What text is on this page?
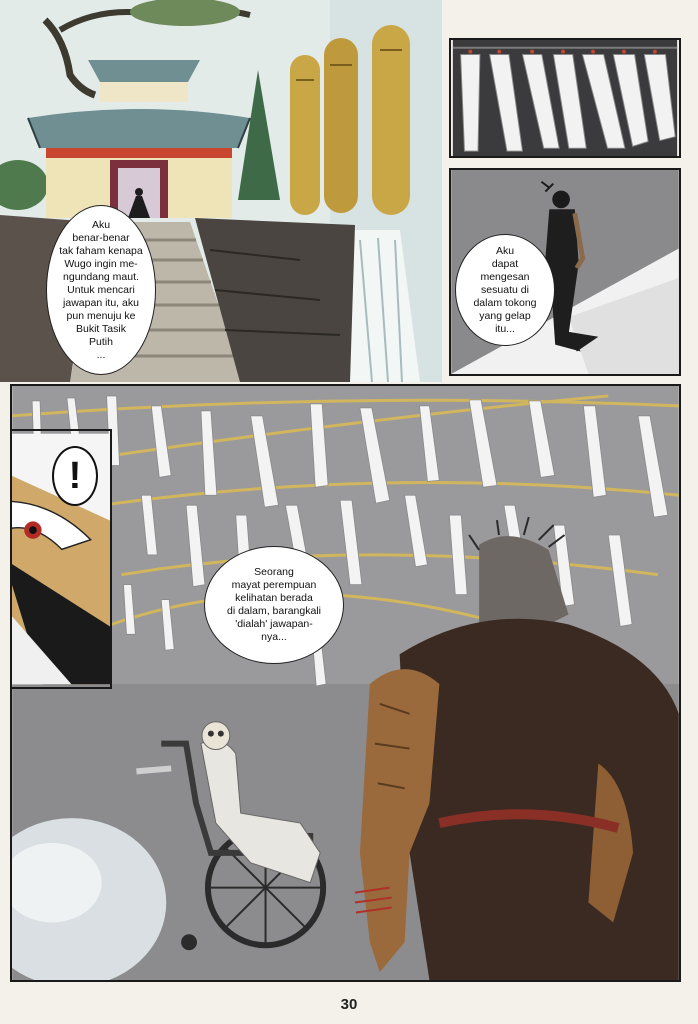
Aku
benar-benar
tak faham kenapa
Wugo ingin me-
ngundang maut.
Untuk mencari
jawapan itu, aku
pun menuju ke
Bukit Tasik
Putih
...
Aku
dapat
mengesan
sesuatu di
dalam tokong
yang gelap
itu...
Seorang
mayat perempuan
kelihatan berada
di dalam, barangkali
'dialah' jawapan-
nya...
!
30
